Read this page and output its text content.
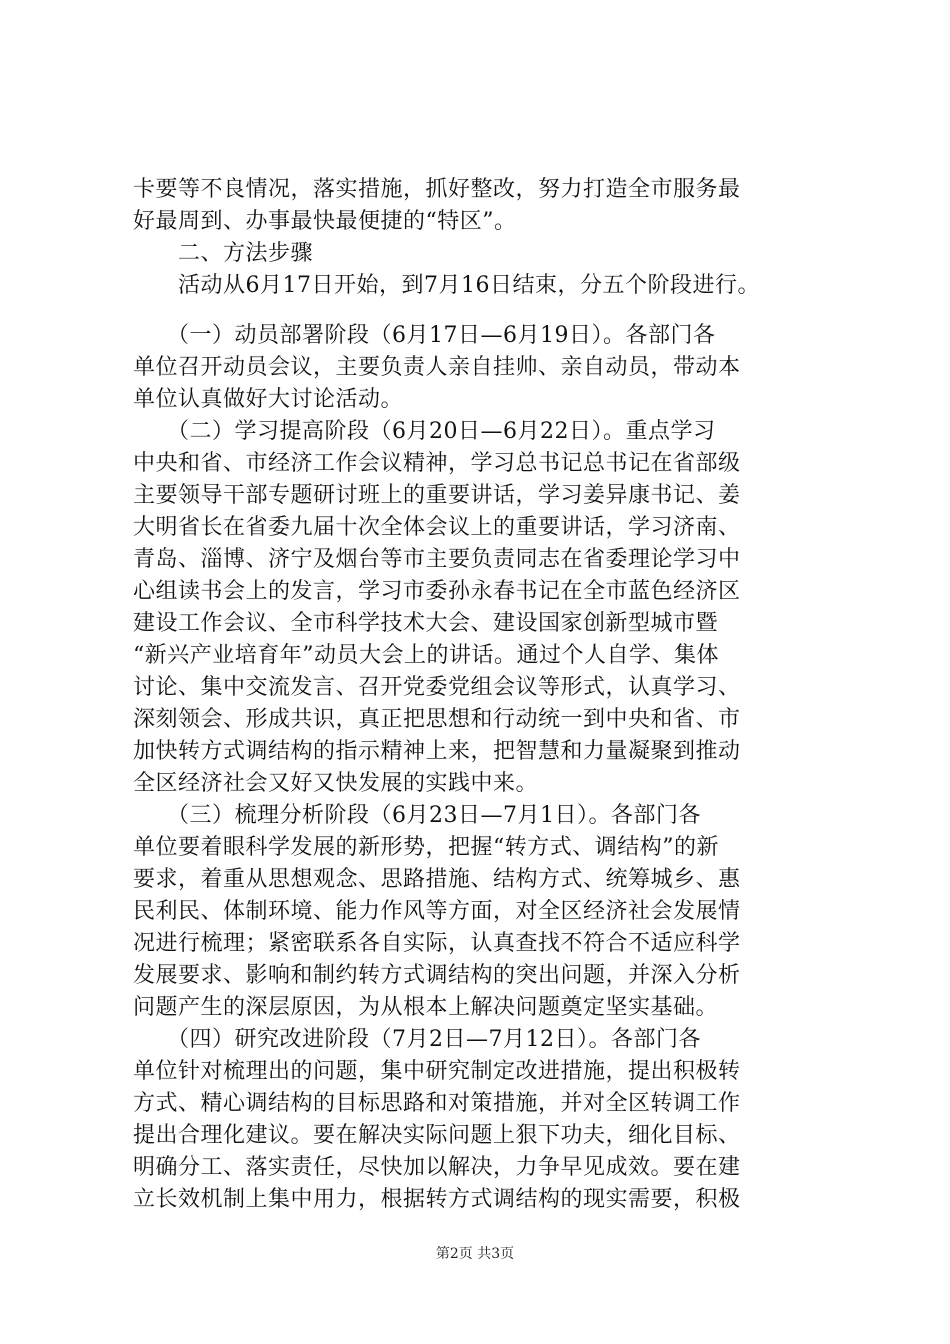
卡要等不良情况，落实措施，抓好整改，努力打造全市服务最
好最周到、办事最快最便捷的“特区”。
　　二、方法步骤
　　活动从6月17日开始，到7月16日结束，分五个阶段进行。
　　（一）动员部署阶段（6月17日—6月19日）。各部门各
单位召开动员会议，主要负责人亲自挂帅、亲自动员，带动本
单位认真做好大讨论活动。
　　（二）学习提高阶段（6月20日—6月22日）。重点学习
中央和省、市经济工作会议精神，学习总书记总书记在省部级
主要领导干部专题研讨班上的重要讲话，学习姜异康书记、姜
大明省长在省委九届十次全体会议上的重要讲话，学习济南、
青岛、淄博、济宁及烟台等市主要负责同志在省委理论学习中
心组读书会上的发言，学习市委孙永春书记在全市蓝色经济区
建设工作会议、全市科学技术大会、建设国家创新型城市暨
“新兴产业培育年”动员大会上的讲话。通过个人自学、集体
讨论、集中交流发言、召开党委党组会议等形式，认真学习、
深刻领会、形成共识，真正把思想和行动统一到中央和省、市
加快转方式调结构的指示精神上来，把智慧和力量凝聚到推动
全区经济社会又好又快发展的实践中来。
　　（三）梳理分析阶段（6月23日—7月1日）。各部门各
单位要着眼科学发展的新形势，把握“转方式、调结构”的新
要求，着重从思想观念、思路措施、结构方式、统筹城乡、惠
民利民、体制环境、能力作风等方面，对全区经济社会发展情
况进行梳理；紧密联系各自实际，认真查找不符合不适应科学
发展要求、影响和制约转方式调结构的突出问题，并深入分析
问题产生的深层原因，为从根本上解决问题奠定坚实基础。
　　（四）研究改进阶段（7月2日—7月12日）。各部门各
单位针对梳理出的问题，集中研究制定改进措施，提出积极转
方式、精心调结构的目标思路和对策措施，并对全区转调工作
提出合理化建议。要在解决实际问题上狠下功夫，细化目标、
明确分工、落实责任，尽快加以解决，力争早见成效。要在建
立长效机制上集中用力，根据转方式调结构的现实需要，积极
第2页 共3页
